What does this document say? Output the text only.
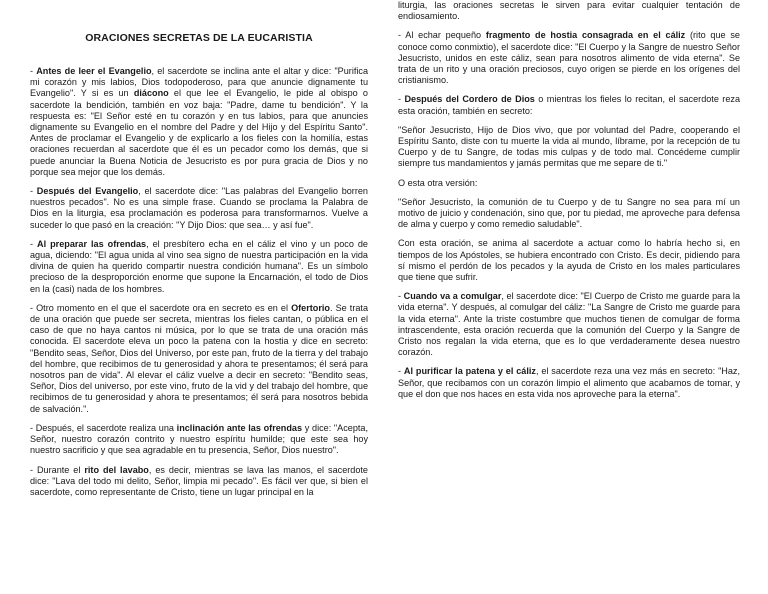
ORACIONES SECRETAS DE LA EUCARISTIA

- Antes de leer el Evangelio, el sacerdote se inclina ante el altar y dice: "Purifica mi corazón y mis labios, Dios todopoderoso, para que anuncie dignamente tu Evangelio". Y si es un diácono el que lee el Evangelio, le pide al obispo o sacerdote la bendición, también en voz baja: "Padre, dame tu bendición". Y la respuesta es: "El Señor esté en tu corazón y en tus labios, para que anuncies dignamente su Evangelio en el nombre del Padre y del Hijo y del Espíritu Santo". Antes de proclamar el Evangelio y de explicarlo a los fieles con la homilía, estas oraciones recuerdan al sacerdote que él es un pecador como los demás, que si puede anunciar la Buena Noticia de Jesucristo es por pura gracia de Dios y no porque sea mejor que los demás.

- Después del Evangelio, el sacerdote dice: "Las palabras del Evangelio borren nuestros pecados". No es una simple frase. Cuando se proclama la Palabra de Dios en la liturgia, esa proclamación es poderosa para transformarnos. Vuelve a suceder lo que pasó en la creación: "Y Dijo Dios: que sea… y así fue".

- Al preparar las ofrendas, el presbítero echa en el cáliz el vino y un poco de agua, diciendo: "El agua unida al vino sea signo de nuestra participación en la vida divina de quien ha querido compartir nuestra condición humana". Es un símbolo precioso de la desproporción enorme que supone la Encarnación, el todo de Dios en la (casi) nada de los hombres.

- Otro momento en el que el sacerdote ora en secreto es en el Ofertorio. Se trata de una oración que puede ser secreta, mientras los fieles cantan, o pública en el caso de que no haya cantos ni música, por lo que se trata de una oración más conocida. El sacerdote eleva un poco la patena con la hostia y dice en secreto: "Bendito seas, Señor, Dios del Universo, por este pan, fruto de la tierra y del trabajo del hombre, que recibimos de tu generosidad y ahora te presentamos; él será para nosotros pan de vida". Al elevar el cáliz vuelve a decir en secreto: "Bendito seas, Señor, Dios del universo, por este vino, fruto de la vid y del trabajo del hombre, que recibimos de tu generosidad y ahora te presentamos; él será para nosotros bebida de salvación.".

- Después, el sacerdote realiza una inclinación ante las ofrendas y dice: "Acepta, Señor, nuestro corazón contrito y nuestro espíritu humilde; que este sea hoy nuestro sacrificio y que sea agradable en tu presencia, Señor, Dios nuestro".

- Durante el rito del lavabo, es decir, mientras se lava las manos, el sacerdote dice: "Lava del todo mi delito, Señor, limpia mi pecado". Es fácil ver que, si bien el sacerdote, como representante de Cristo, tiene un lugar principal en la

liturgia, las oraciones secretas le sirven para evitar cualquier tentación de endiosamiento.

- Al echar pequeño fragmento de hostia consagrada en el cáliz (rito que se conoce como conmixtio), el sacerdote dice: "El Cuerpo y la Sangre de nuestro Señor Jesucristo, unidos en este cáliz, sean para nosotros alimento de vida eterna". Se trata de un rito y una oración preciosos, cuyo origen se pierde en los orígenes del cristianismo.

- Después del Cordero de Dios o mientras los fieles lo recitan, el sacerdote reza esta oración, también en secreto:

"Señor Jesucristo, Hijo de Dios vivo, que por voluntad del Padre, cooperando el Espíritu Santo, diste con tu muerte la vida al mundo, líbrame, por la recepción de tu Cuerpo y de tu Sangre, de todas mis culpas y de todo mal. Concédeme cumplir siempre tus mandamientos y jamás permitas que me separe de ti."

O esta otra versión:

"Señor Jesucristo, la comunión de tu Cuerpo y de tu Sangre no sea para mí un motivo de juicio y condenación, sino que, por tu piedad, me aproveche para defensa de alma y cuerpo y como remedio saludable".

Con esta oración, se anima al sacerdote a actuar como lo habría hecho si, en tiempos de los Apóstoles, se hubiera encontrado con Cristo. Es decir, pidiendo para sí mismo el perdón de los pecados y la ayuda de Cristo en los males particulares que tiene que sufrir.

- Cuando va a comulgar, el sacerdote dice: "El Cuerpo de Cristo me guarde para la vida eterna". Y después, al comulgar del cáliz: "La Sangre de Cristo me guarde para la vida eterna". Ante la triste costumbre que muchos tienen de comulgar de forma intrascendente, esta oración recuerda que la comunión del Cuerpo y la Sangre de Cristo nos regalan la vida eterna, que es lo que verdaderamente desea nuestro corazón.

- Al purificar la patena y el cáliz, el sacerdote reza una vez más en secreto: "Haz, Señor, que recibamos con un corazón limpio el alimento que acabamos de tomar, y que el don que nos haces en esta vida nos aproveche para la eterna".
